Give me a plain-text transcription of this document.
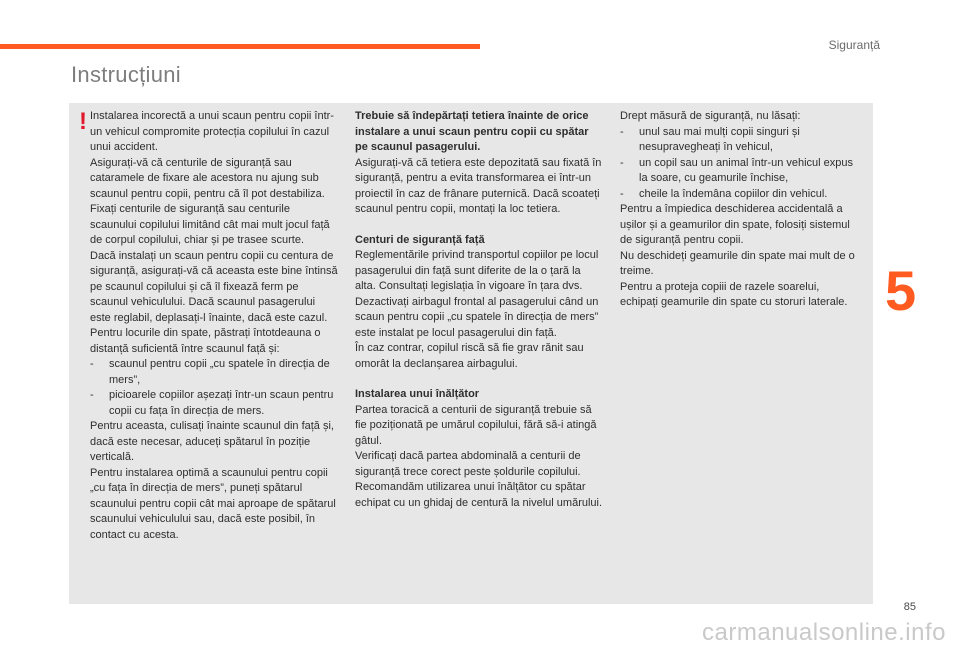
Siguranță
Instrucțiuni
! Instalarea incorectă a unui scaun pentru copii într-un vehicul compromite protecția copilului în cazul unui accident.

Asigurați-vă că centurile de siguranță sau cataramele de fixare ale acestora nu ajung sub scaunul pentru copii, pentru că îl pot destabiliza.

Fixați centurile de siguranță sau centurile scaunului copilului limitând cât mai mult jocul față de corpul copilului, chiar și pe trasee scurte.

Dacă instalați un scaun pentru copii cu centura de siguranță, asigurați-vă că aceasta este bine întinsă pe scaunul copilului și că îl fixează ferm pe scaunul vehiculului. Dacă scaunul pasagerului este reglabil, deplasați-l înainte, dacă este cazul.

Pentru locurile din spate, păstrați întotdeauna o distanță suficientă între scaunul față și:

- scaunul pentru copii „cu spatele în direcția de mers”,
- picioarele copiilor așezați într-un scaun pentru copii cu fața în direcția de mers.

Pentru aceasta, culisați înainte scaunul din față și, dacă este necesar, aduceți spătarul în poziție verticală.

Pentru instalarea optimă a scaunului pentru copii „cu fața în direcția de mers”, puneți spătarul scaunului pentru copii cât mai aproape de spătarul scaunului vehiculului sau, dacă este posibil, în contact cu acesta.

Trebuie să îndepărtați tetiera înainte de orice instalare a unui scaun pentru copii cu spătar pe scaunul pasagerului.

Asigurați-vă că tetiera este depozitată sau fixată în siguranță, pentru a evita transformarea ei într-un proiectil în caz de frânare puternică. Dacă scoateți scaunul pentru copii, montați la loc tetiera.

Centuri de siguranță față

Reglementările privind transportul copiilor pe locul pasagerului din față sunt diferite de la o țară la alta. Consultați legislația în vigoare în țara dvs.

Dezactivați airbagul frontal al pasagerului când un scaun pentru copii „cu spatele în direcția de mers” este instalat pe locul pasagerului din față.

În caz contrar, copilul riscă să fie grav rănit sau omorât la declanșarea airbagului.

Instalarea unui înălțător

Partea toracică a centurii de siguranță trebuie să fie poziționată pe umărul copilului, fără să-i atingă gâtul.

Verificați dacă partea abdominală a centurii de siguranță trece corect peste șoldurile copilului.

Recomandăm utilizarea unui înălțător cu spătar echipat cu un ghidaj de centură la nivelul umărului.

Drept măsură de siguranță, nu lăsați:

- unul sau mai mulți copii singuri și nesupravegheați în vehicul,
- un copil sau un animal într-un vehicul expus la soare, cu geamurile închise,
- cheile la îndemâna copiilor din vehicul.

Pentru a împiedica deschiderea accidentală a ușilor și a geamurilor din spate, folosiți sistemul de siguranță pentru copii.

Nu deschideți geamurile din spate mai mult de o treime.

Pentru a proteja copiii de razele soarelui, echipați geamurile din spate cu storuri laterale. 5
85
carmanualsonline.info
